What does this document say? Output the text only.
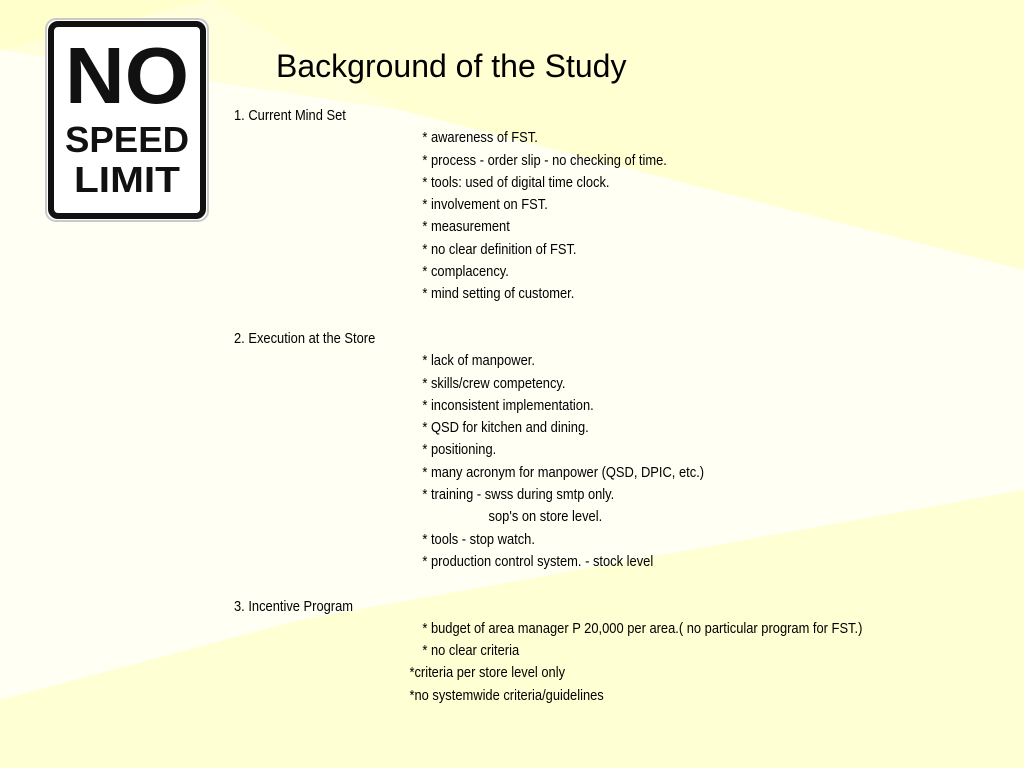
NO
SPEED
LIMIT
Background of the Study

1. Current Mind Set

* awareness of FST.

* process - order slip - no checking of time.

* tools: used of digital time clock.

* involvement on FST.

* measurement

* no clear definition of FST.

* complacency.

* mind setting of customer.

2. Execution at the Store

* lack of manpower.

* skills/crew competency.

* inconsistent implementation.

* QSD for kitchen and dining.

* positioning.

* many acronym for manpower (QSD, DPIC, etc.)

* training - swss during smtp only.

sop's on store level.

* tools - stop watch.

* production control system. - stock level

3. Incentive Program

* budget of area manager P 20,000 per area.( no particular program for FST.)

* no clear criteria

*criteria per store level only

*no systemwide criteria/guidelines
